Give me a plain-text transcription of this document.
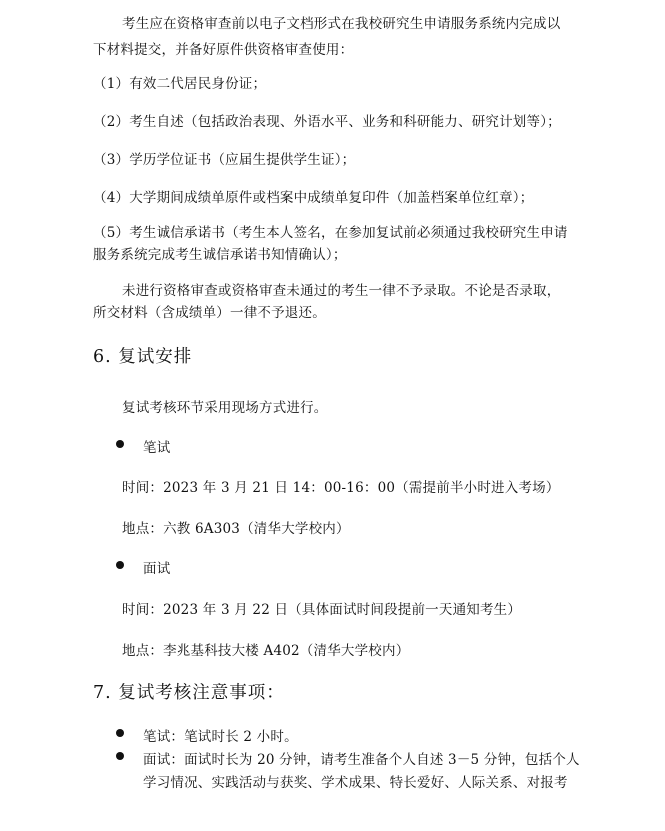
考生应在资格审查前以电子文档形式在我校研究生申请服务系统内完成以
下材料提交，并备好原件供资格审查使用：
（1）有效二代居民身份证；
（2）考生自述（包括政治表现、外语水平、业务和科研能力、研究计划等）；
（3）学历学位证书（应届生提供学生证）；
（4）大学期间成绩单原件或档案中成绩单复印件（加盖档案单位红章）；
（5）考生诚信承诺书（考生本人签名，在参加复试前必须通过我校研究生申请
服务系统完成考生诚信承诺书知情确认）；
未进行资格审查或资格审查未通过的考生一律不予录取。不论是否录取，
所交材料（含成绩单）一律不予退还。
6. 复试安排
复试考核环节采用现场方式进行。
笔试
时间：2023 年 3 月 21 日 14：00-16：00（需提前半小时进入考场）
地点：六教 6A303（清华大学校内）
面试
时间：2023 年 3 月 22 日（具体面试时间段提前一天通知考生）
地点：李兆基科技大楼 A402（清华大学校内）
7. 复试考核注意事项：
笔试：笔试时长 2 小时。
面试：面试时长为 20 分钟，请考生准备个人自述 3－5 分钟，包括个人
学习情况、实践活动与获奖、学术成果、特长爱好、人际关系、对报考
